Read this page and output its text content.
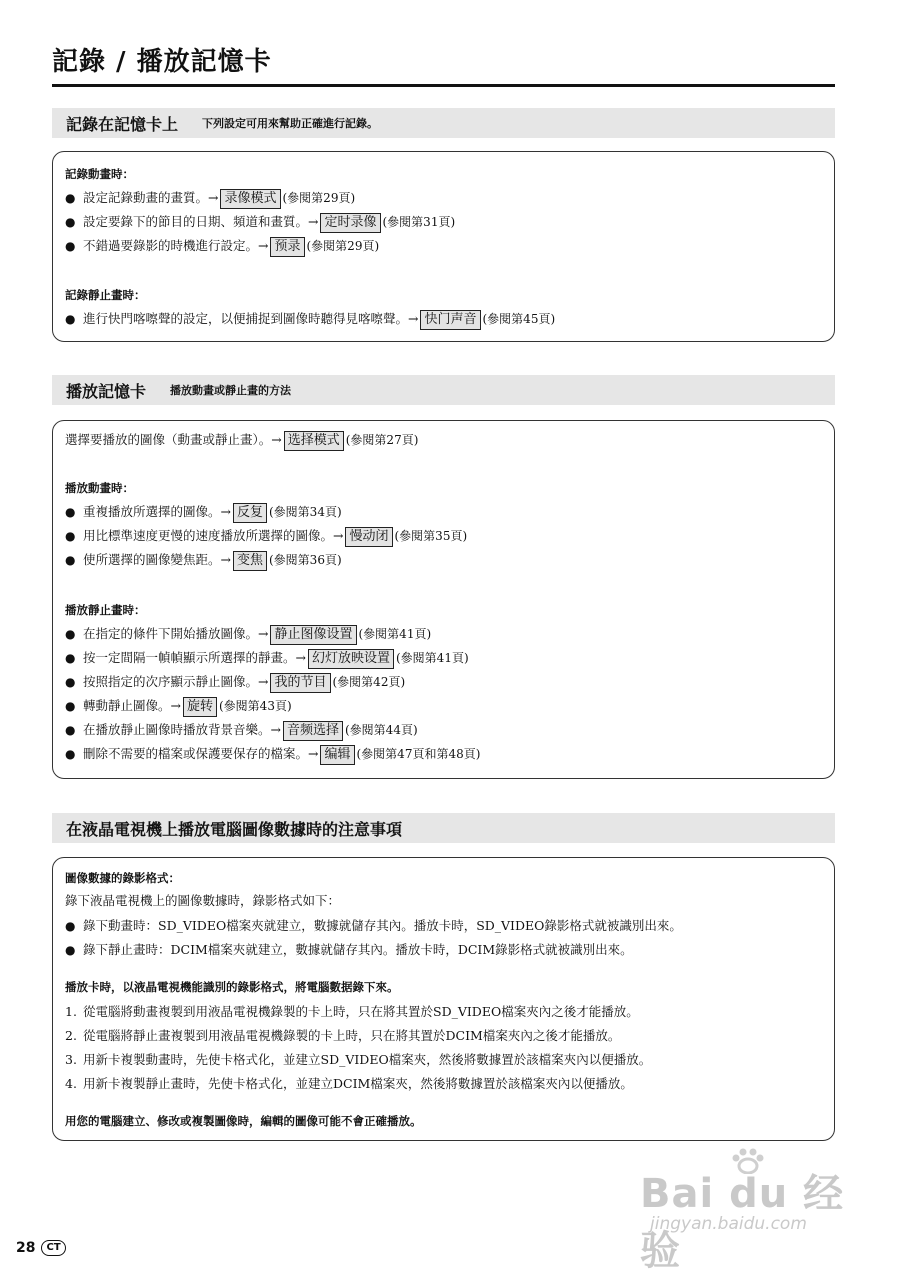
記錄 / 播放記憶卡
記錄在記憶卡上 下列設定可用來幫助正確進行記錄。
記錄動畫時：
● 設定記錄動畫的畫質。→ 录像模式 (參閱第29頁)
● 設定要錄下的節目的日期、頻道和畫質。→ 定时录像 (參閱第31頁)
● 不錯過要錄影的時機進行設定。→ 预录 (參閱第29頁)
記錄靜止畫時：
● 進行快門喀嚓聲的設定，以便捕捉到圖像時聽得見喀嚓聲。→ 快门声音 (參閱第45頁)
播放記憶卡 播放動畫或靜止畫的方法
選擇要播放的圖像（動畫或靜止畫）。→ 选择模式 (參閱第27頁)
播放動畫時：
● 重複播放所選擇的圖像。→ 反复 (參閱第34頁)
● 用比標準速度更慢的速度播放所選擇的圖像。→ 慢动闭 (參閱第35頁)
● 使所選擇的圖像變焦距。→ 变焦 (參閱第36頁)
播放靜止畫時：
● 在指定的條件下開始播放圖像。→ 静止图像设置 (參閱第41頁)
● 按一定間隔一幀幀顯示所選擇的靜畫。→ 幻灯放映设置 (參閱第41頁)
● 按照指定的次序顯示靜止圖像。→ 我的节目 (參閱第42頁)
● 轉動靜止圖像。→ 旋转 (參閱第43頁)
● 在播放靜止圖像時播放背景音樂。→ 音频选择 (參閱第44頁)
● 刪除不需要的檔案或保護要保存的檔案。→ 编辑 (參閱第47頁和第48頁)
在液晶電視機上播放電腦圖像數據時的注意事項
圖像數據的錄影格式：
錄下液晶電視機上的圖像數據時，錄影格式如下：
● 錄下動畫時：SD_VIDEO檔案夾就建立，數據就儲存其內。播放卡時，SD_VIDEO錄影格式就被識別出來。
● 錄下靜止畫時：DCIM檔案夾就建立，數據就儲存其內。播放卡時，DCIM錄影格式就被識別出來。
播放卡時，以液晶電視機能識別的錄影格式，將電腦數据錄下來。
1. 從電腦將動畫複製到用液晶電視機錄製的卡上時，只在將其置於SD_VIDEO檔案夾內之後才能播放。
2. 從電腦將靜止畫複製到用液晶電視機錄製的卡上時，只在將其置於DCIM檔案夾內之後才能播放。
3. 用新卡複製動畫時，先使卡格式化，並建立SD_VIDEO檔案夾，然後將數據置於該檔案夾內以便播放。
4. 用新卡複製靜止畫時，先使卡格式化，並建立DCIM檔案夾，然後將數據置於該檔案夾內以便播放。
用您的電腦建立、修改或複製圖像時，編輯的圖像可能不會正確播放。
Bai du 经验
jingyan.baidu.com
28	CT
